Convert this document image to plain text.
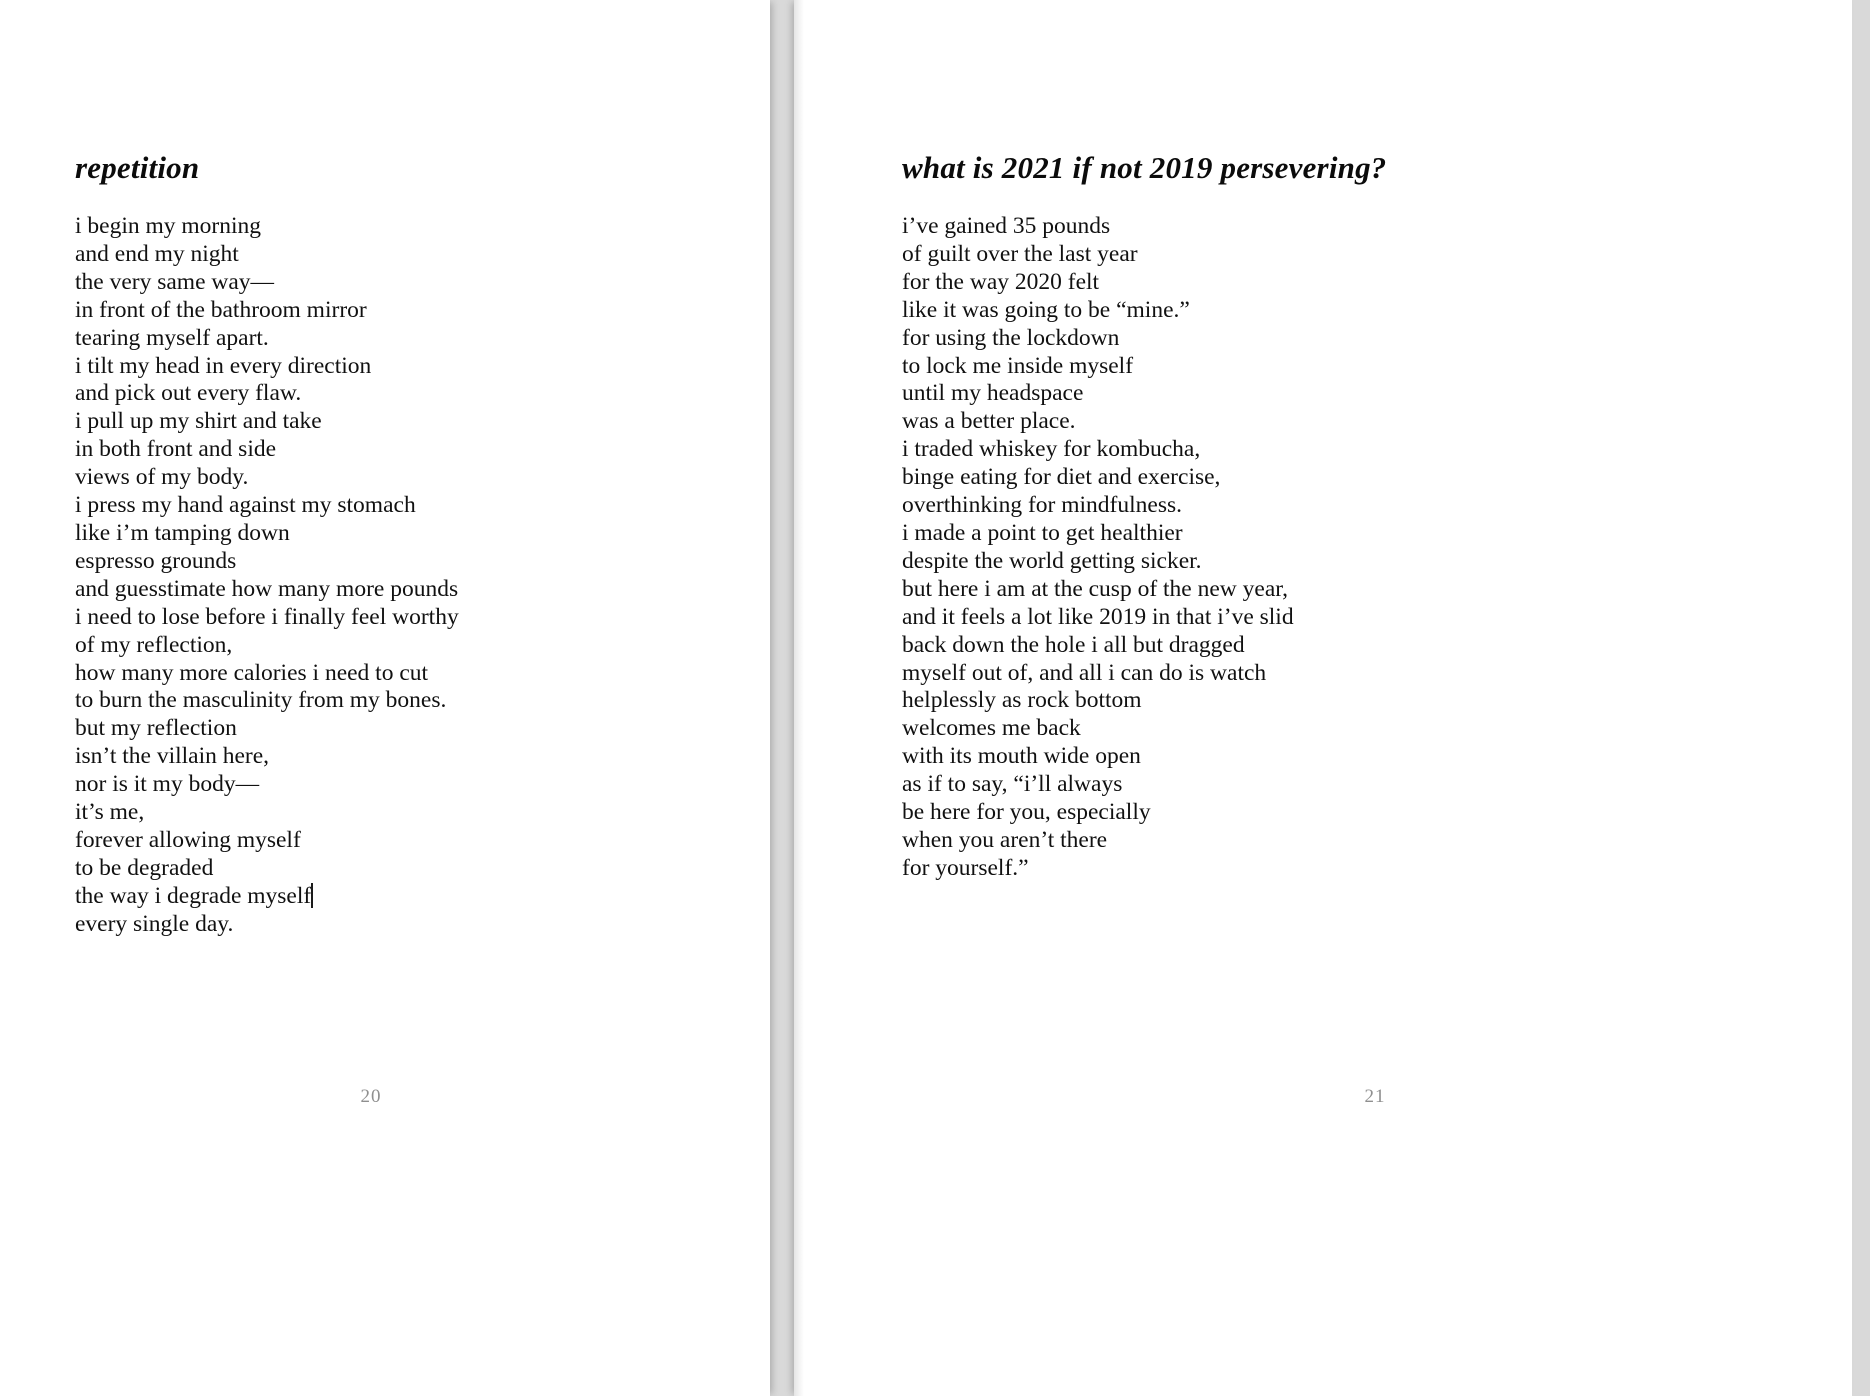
repetition
i begin my morning
and end my night
the very same way—
in front of the bathroom mirror
tearing myself apart.
i tilt my head in every direction
and pick out every flaw.
i pull up my shirt and take
in both front and side
views of my body.
i press my hand against my stomach
like i’m tamping down
espresso grounds
and guesstimate how many more pounds
i need to lose before i finally feel worthy
of my reflection,
how many more calories i need to cut
to burn the masculinity from my bones.
but my reflection
isn’t the villain here,
nor is it my body—
it’s me,
forever allowing myself
to be degraded
the way i degrade myself
every single day.
20
what is 2021 if not 2019 persevering?
i’ve gained 35 pounds
of guilt over the last year
for the way 2020 felt
like it was going to be “mine.”
for using the lockdown
to lock me inside myself
until my headspace
was a better place.
i traded whiskey for kombucha,
binge eating for diet and exercise,
overthinking for mindfulness.
i made a point to get healthier
despite the world getting sicker.
but here i am at the cusp of the new year,
and it feels a lot like 2019 in that i’ve slid
back down the hole i all but dragged
myself out of, and all i can do is watch
helplessly as rock bottom
welcomes me back
with its mouth wide open
as if to say, “i’ll always
be here for you, especially
when you aren’t there
for yourself.”
21
